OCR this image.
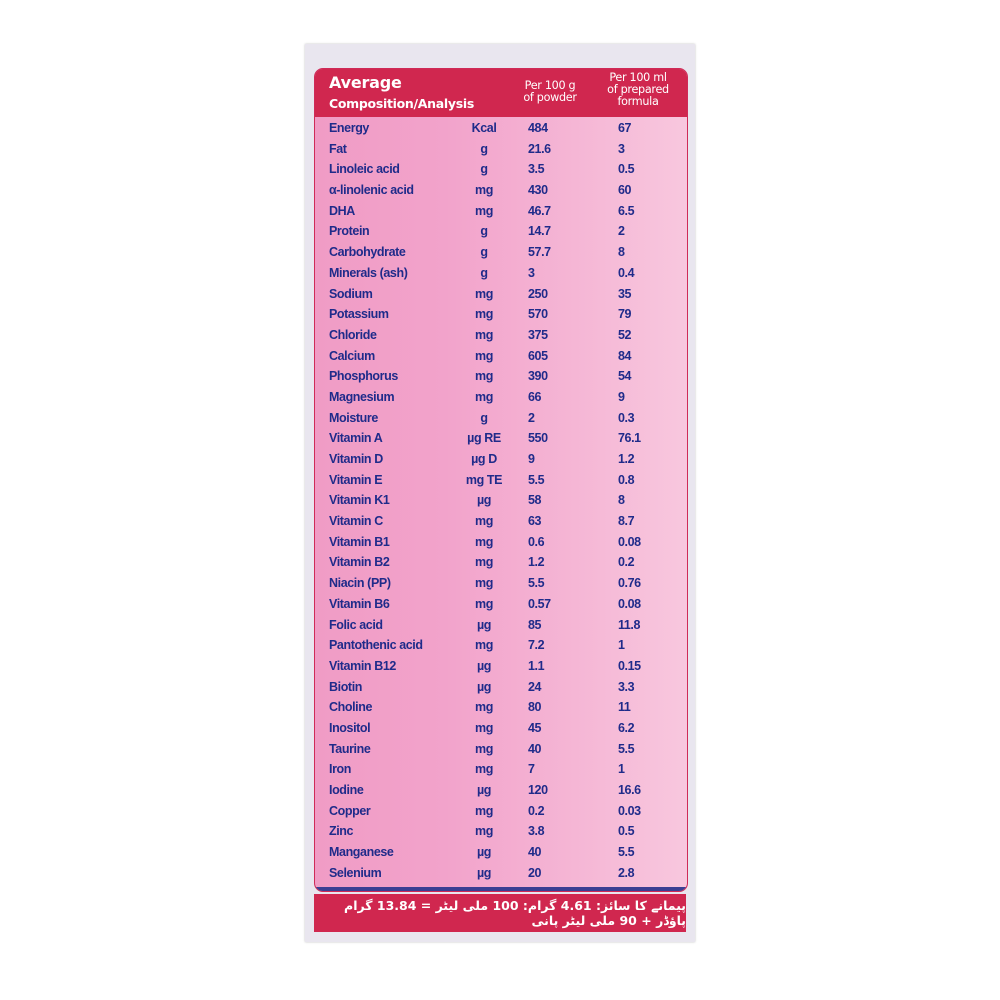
Average
Composition/Analysis
Per 100 g
of powder
Per 100 ml
of prepared
formula
Energy	Kcal	484	67
Fat	g	21.6	3
Linoleic acid	g	3.5	0.5
α-linolenic acid	mg	430	60
DHA	mg	46.7	6.5
Protein	g	14.7	2
Carbohydrate	g	57.7	8
Minerals (ash)	g	3	0.4
Sodium	mg	250	35
Potassium	mg	570	79
Chloride	mg	375	52
Calcium	mg	605	84
Phosphorus	mg	390	54
Magnesium	mg	66	9
Moisture	g	2	0.3
Vitamin A	µg RE	550	76.1
Vitamin D	µg D	9	1.2
Vitamin E	mg TE	5.5	0.8
Vitamin K1	µg	58	8
Vitamin C	mg	63	8.7
Vitamin B1	mg	0.6	0.08
Vitamin B2	mg	1.2	0.2
Niacin (PP)	mg	5.5	0.76
Vitamin B6	mg	0.57	0.08
Folic acid	µg	85	11.8
Pantothenic acid	mg	7.2	1
Vitamin B12	µg	1.1	0.15
Biotin	µg	24	3.3
Choline	mg	80	11
Inositol	mg	45	6.2
Taurine	mg	40	5.5
Iron	mg	7	1
Iodine	µg	120	16.6
Copper	mg	0.2	0.03
Zinc	mg	3.8	0.5
Manganese	µg	40	5.5
Selenium	µg	20	2.8
پیمانے کا سائز: 4.61 گرام: 100 ملی لیٹر = 13.84 گرام پاؤڈر + 90 ملی لیٹر پانی
